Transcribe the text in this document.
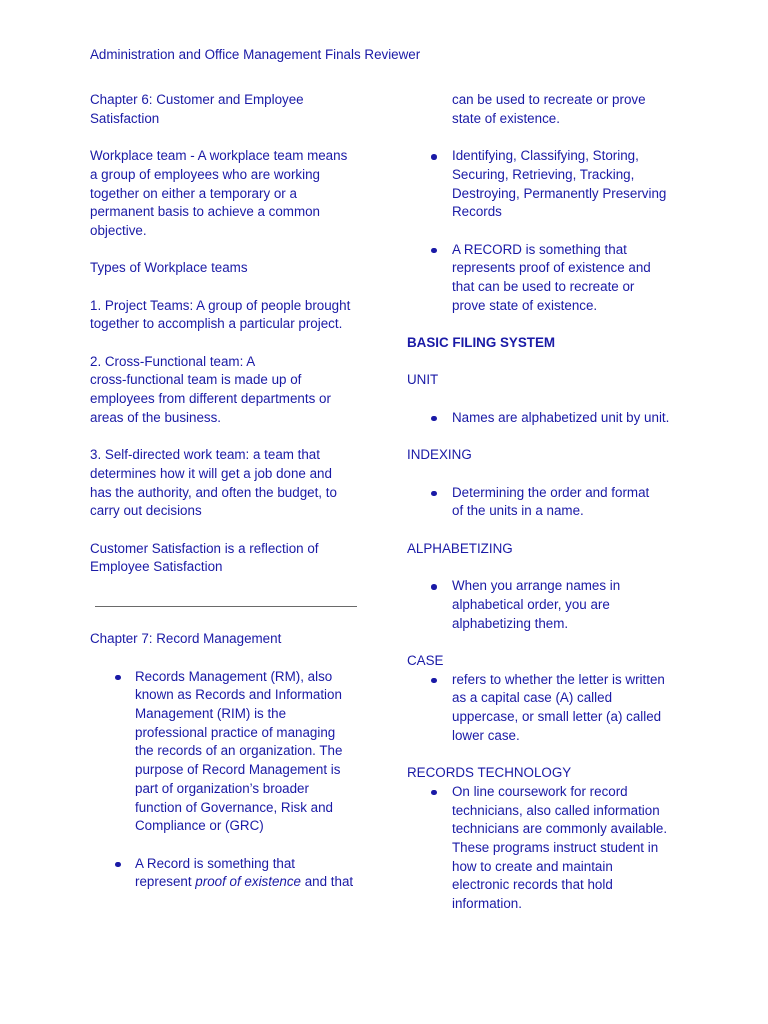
Administration and Office Management Finals Reviewer

Chapter 6: Customer and Employee
Satisfaction

Workplace team - A workplace team means
a group of employees who are working
together on either a temporary or a
permanent basis to achieve a common
objective.

Types of Workplace teams

1. Project Teams: A group of people brought
together to accomplish a particular project.

2. Cross-Functional team: A
cross-functional team is made up of
employees from different departments or
areas of the business.

3. Self-directed work team: a team that
determines how it will get a job done and
has the authority, and often the budget, to
carry out decisions

Customer Satisfaction is a reflection of
Employee Satisfaction

Chapter 7: Record Management

Records Management (RM), also
known as Records and Information
Management (RIM) is the
professional practice of managing
the records of an organization. The
purpose of Record Management is
part of organization’s broader
function of Governance, Risk and
Compliance or (GRC)
A Record is something that
represent proof of existence and that
can be used to recreate or prove
state of existence.
Identifying, Classifying, Storing,
Securing, Retrieving, Tracking,
Destroying, Permanently Preserving
Records
A RECORD is something that
represents proof of existence and
that can be used to recreate or
prove state of existence.

BASIC FILING SYSTEM

UNIT

Names are alphabetized unit by unit.

INDEXING

Determining the order and format
of the units in a name.

ALPHABETIZING

When you arrange names in
alphabetical order, you are
alphabetizing them.

CASE

refers to whether the letter is written
as a capital case (A) called
uppercase, or small letter (a) called
lower case.

RECORDS TECHNOLOGY

On line coursework for record
technicians, also called information
technicians are commonly available.
These programs instruct student in
how to create and maintain
electronic records that hold
information.
